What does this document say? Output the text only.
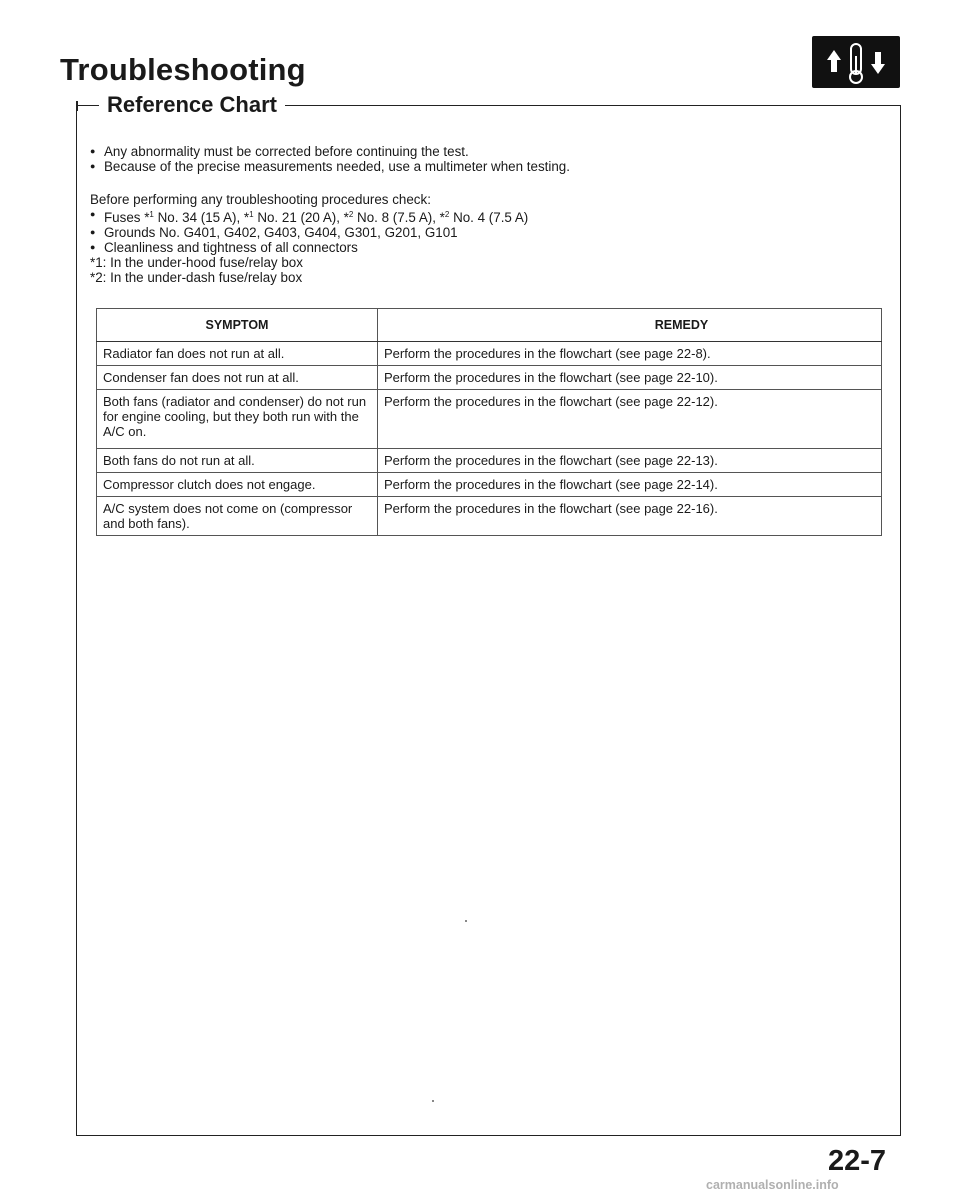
Troubleshooting
Reference Chart
● Any abnormality must be corrected before continuing the test.
● Because of the precise measurements needed, use a multimeter when testing.
Before performing any troubleshooting procedures check:
● Fuses *$^1$ No. 34 (15 A), *$^1$ No. 21 (20 A), *$^2$ No. 8 (7.5 A), *$^2$ No. 4 (7.5 A)
● Grounds No. G401, G402, G403, G404, G301, G201, G101
● Cleanliness and tightness of all connectors
*1: In the under-hood fuse/relay box
*2: In the under-dash fuse/relay box
SYMPTOM	REMEDY
Radiator fan does not run at all.	Perform the procedures in the flowchart (see page 22-8).
Condenser fan does not run at all.	Perform the procedures in the flowchart (see page 22-10).
Both fans (radiator and condenser) do not run for engine cooling, but they both run with the A/C on.	Perform the procedures in the flowchart (see page 22-12).
Both fans do not run at all.	Perform the procedures in the flowchart (see page 22-13).
Compressor clutch does not engage.	Perform the procedures in the flowchart (see page 22-14).
A/C system does not come on (compressor and both fans).	Perform the procedures in the flowchart (see page 22-16).
22-7
carmanualsonline.info
